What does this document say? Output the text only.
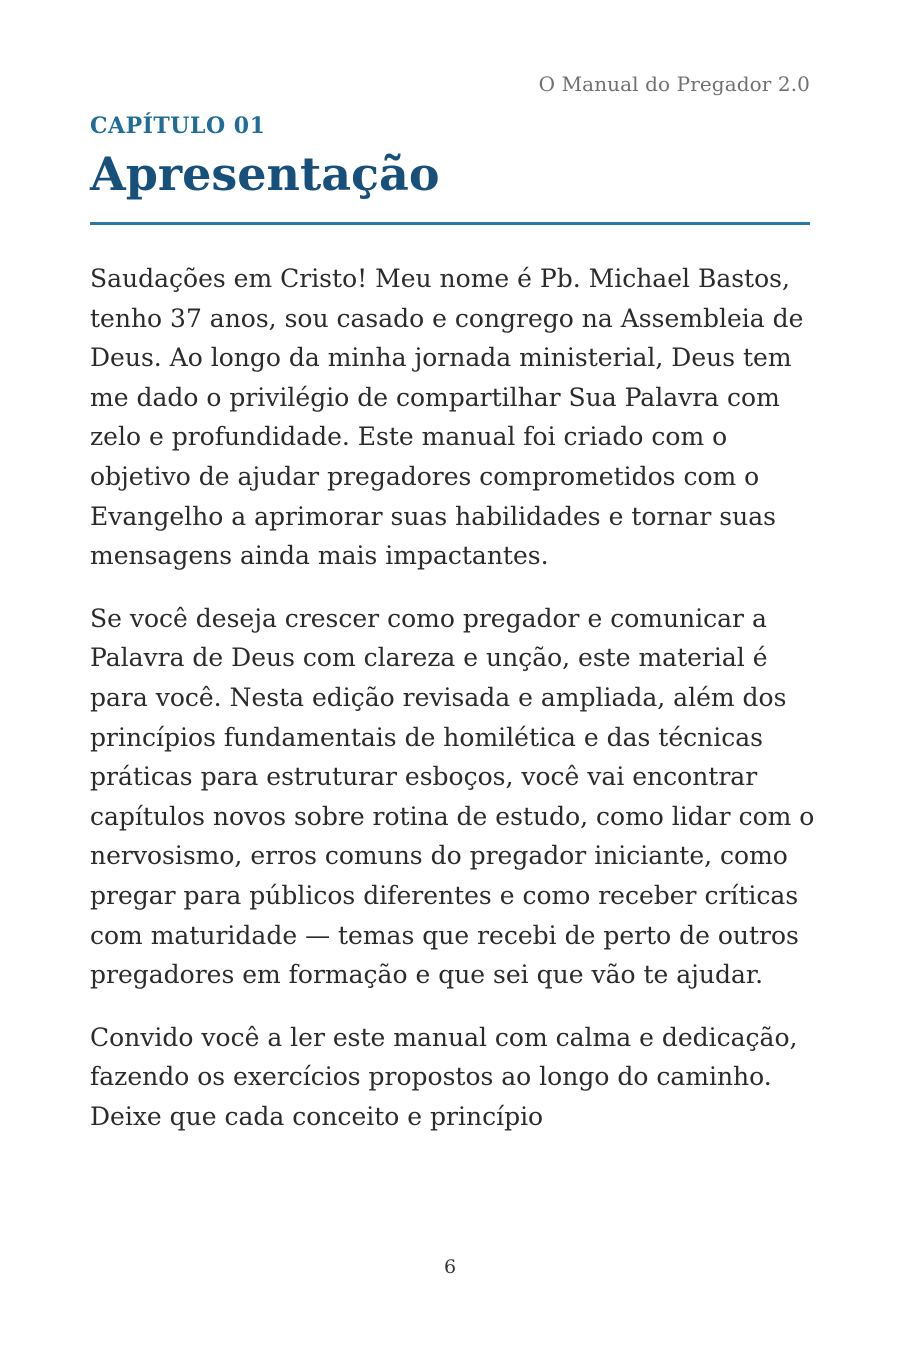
O Manual do Pregador 2.0
CAPÍTULO 01
Apresentação

Saudações em Cristo! Meu nome é Pb. Michael Bastos, tenho 37 anos, sou casado e congrego na Assembleia de Deus. Ao longo da minha jornada ministerial, Deus tem me dado o privilégio de compartilhar Sua Palavra com zelo e profundidade. Este manual foi criado com o objetivo de ajudar pregadores comprometidos com o Evangelho a aprimorar suas habilidades e tornar suas mensagens ainda mais impactantes.

Se você deseja crescer como pregador e comunicar a Palavra de Deus com clareza e unção, este material é para você. Nesta edição revisada e ampliada, além dos princípios fundamentais de homilética e das técnicas práticas para estruturar esboços, você vai encontrar capítulos novos sobre rotina de estudo, como lidar com o nervosismo, erros comuns do pregador iniciante, como pregar para públicos diferentes e como receber críticas com maturidade — temas que recebi de perto de outros pregadores em formação e que sei que vão te ajudar.

Convido você a ler este manual com calma e dedicação, fazendo os exercícios propostos ao longo do caminho. Deixe que cada conceito e princípio

6
